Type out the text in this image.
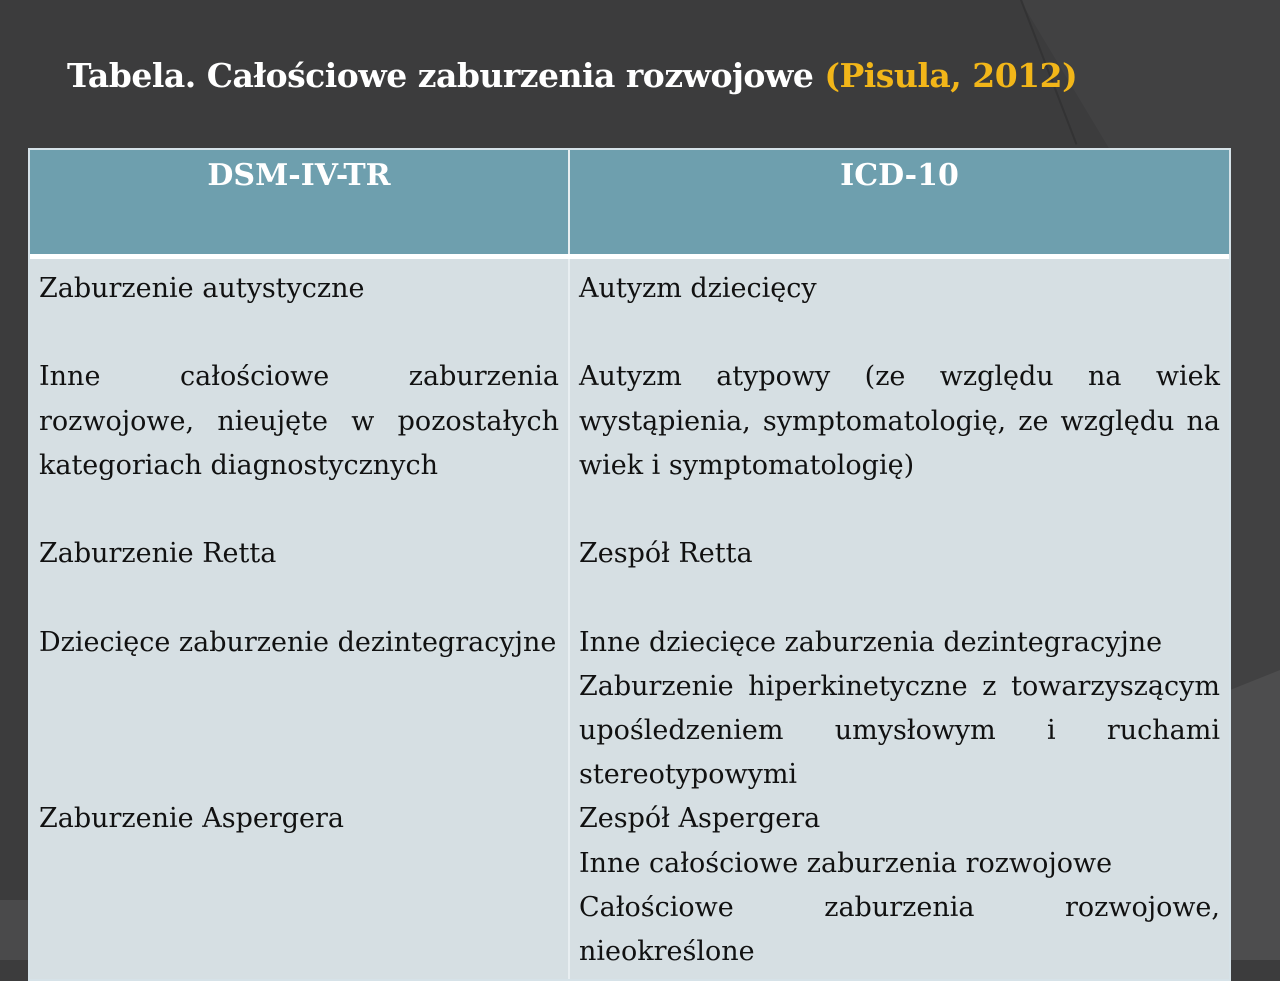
Tabela. Całościowe zaburzenia rozwojowe (Pisula, 2012)
DSM-IV-TR	ICD-10
Zaburzenie autystyczne
Inne całościowe zaburzenia rozwojowe, nieujęte w pozostałych kategoriach diagnostycznych
Zaburzenie Retta
Dziecięce zaburzenie dezintegracyjne
Zaburzenie Aspergera
Autyzm dziecięcy
Autyzm atypowy (ze względu na wiek wystąpienia, symptomatologię, ze względu na wiek i symptomatologię)
Zespół Retta
Inne dziecięce zaburzenia dezintegracyjne
Zaburzenie hiperkinetyczne z towarzyszącym upośledzeniem umysłowym i ruchami stereotypowymi
Zespół Aspergera
Inne całościowe zaburzenia rozwojowe
Całościowe zaburzenia rozwojowe, nieokreślone
